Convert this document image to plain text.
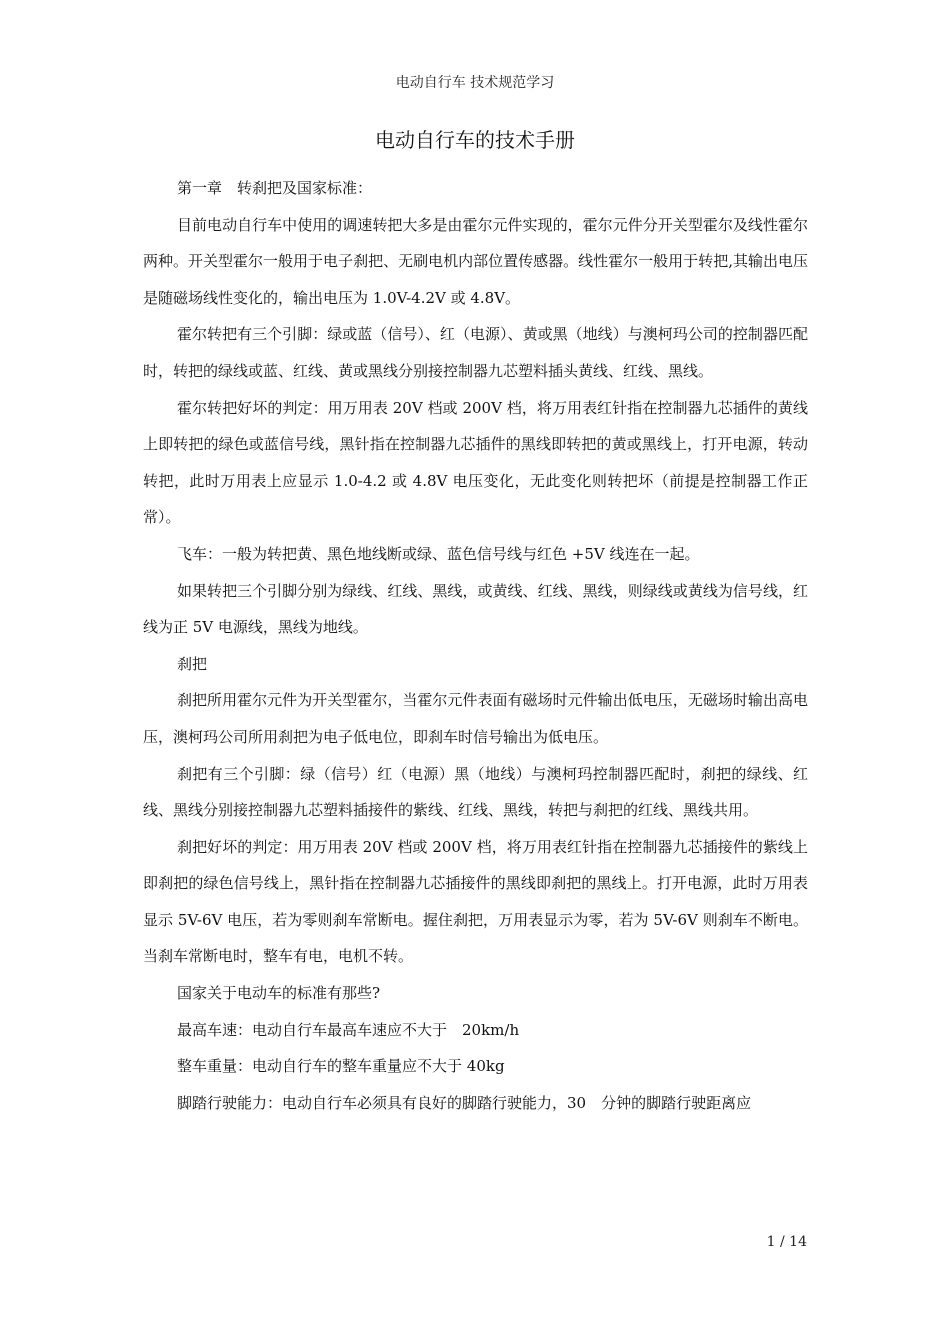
电动自行车 技术规范学习
电动自行车的技术手册

第一章　转刹把及国家标准：

目前电动自行车中使用的调速转把大多是由霍尔元件实现的，霍尔元件分开关型霍尔及线性霍尔两种。开关型霍尔一般用于电子刹把、无刷电机内部位置传感器。线性霍尔一般用于转把,其输出电压是随磁场线性变化的，输出电压为 1.0V-4.2V 或 4.8V。

霍尔转把有三个引脚：绿或蓝（信号）、红（电源）、黄或黑（地线）与澳柯玛公司的控制器匹配时，转把的绿线或蓝、红线、黄或黑线分别接控制器九芯塑料插头黄线、红线、黑线。

霍尔转把好坏的判定：用万用表 20V 档或 200V 档，将万用表红针指在控制器九芯插件的黄线上即转把的绿色或蓝信号线，黑针指在控制器九芯插件的黑线即转把的黄或黑线上，打开电源，转动转把，此时万用表上应显示 1.0-4.2 或 4.8V 电压变化，无此变化则转把坏（前提是控制器工作正常）。

飞车：一般为转把黄、黑色地线断或绿、蓝色信号线与红色 +5V 线连在一起。

如果转把三个引脚分别为绿线、红线、黑线，或黄线、红线、黑线，则绿线或黄线为信号线，红线为正 5V 电源线，黑线为地线。

刹把

刹把所用霍尔元件为开关型霍尔，当霍尔元件表面有磁场时元件输出低电压，无磁场时输出高电压，澳柯玛公司所用刹把为电子低电位，即刹车时信号输出为低电压。

刹把有三个引脚：绿（信号）红（电源）黑（地线）与澳柯玛控制器匹配时，刹把的绿线、红线、黑线分别接控制器九芯塑料插接件的紫线、红线、黑线，转把与刹把的红线、黑线共用。

刹把好坏的判定：用万用表 20V 档或 200V 档，将万用表红针指在控制器九芯插接件的紫线上即刹把的绿色信号线上，黑针指在控制器九芯插接件的黑线即刹把的黑线上。打开电源，此时万用表显示 5V-6V 电压，若为零则刹车常断电。握住刹把，万用表显示为零，若为 5V-6V 则刹车不断电。当刹车常断电时，整车有电，电机不转。

国家关于电动车的标准有那些?

最高车速：电动自行车最高车速应不大于　20km/h

整车重量：电动自行车的整车重量应不大于 40kg

脚踏行驶能力：电动自行车必须具有良好的脚踏行驶能力，30　分钟的脚踏行驶距离应

1 / 14
